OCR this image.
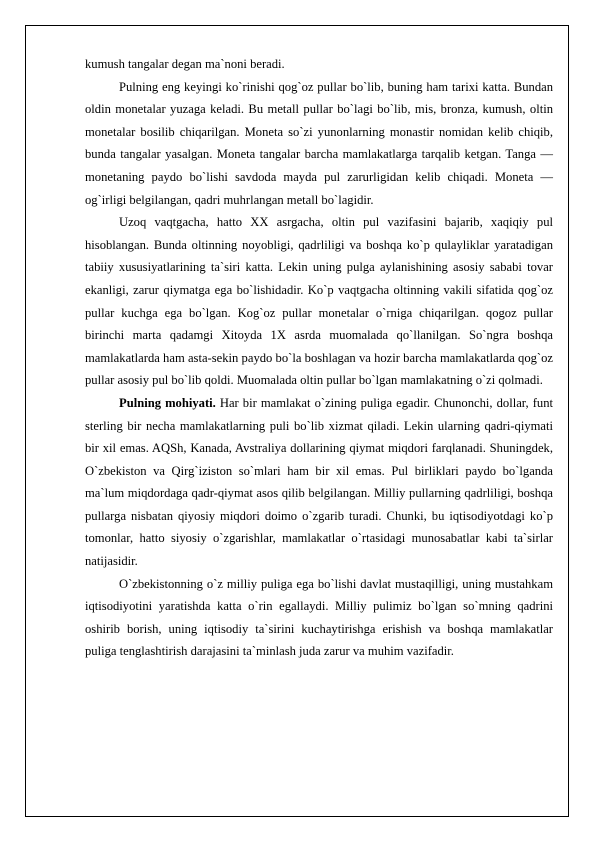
kumush tangalar degan ma`noni beradi.

Pulning eng keyingi ko`rinishi qog`oz pullar bo`lib, buning ham tarixi katta. Bundan oldin monetalar yuzaga keladi. Bu metall pullar bo`lagi bo`lib, mis, bronza, kumush, oltin monetalar bosilib chiqarilgan. Moneta so`zi yunonlarning monastir nomidan kelib chiqib, bunda tangalar yasalgan. Moneta tangalar barcha mamlakatlarga tarqalib ketgan. Tanga — monetaning paydo bo`lishi savdoda mayda pul zarurligidan kelib chiqadi. Moneta — og`irligi belgilangan, qadri muhrlangan metall bo`lagidir.

Uzoq vaqtgacha, hatto XX asrgacha, oltin pul vazifasini bajarib, xaqiqiy pul hisoblangan. Bunda oltinning noyobligi, qadrliligi va boshqa ko`p qulayliklar yaratadigan tabiiy xususiyatlarining ta`siri katta. Lekin uning pulga aylanishining asosiy sababi tovar ekanligi, zarur qiymatga ega bo`lishidadir. Ko`p vaqtgacha oltinning vakili sifatida qog`oz pullar kuchga ega bo`lgan. Kog`oz pullar monetalar o`rniga chiqarilgan. qogoz pullar birinchi marta qadamgi Xitoyda 1X asrda muomalada qo`llanilgan. So`ngra boshqa mamlakatlarda ham asta-sekin paydo bo`la boshlagan va hozir barcha mamlakatlarda qog`oz pullar asosiy pul bo`lib qoldi. Muomalada oltin pullar bo`lgan mamlakatning o`zi qolmadi.

Pulning mohiyati. Har bir mamlakat o`zining puliga egadir. Chunonchi, dollar, funt sterling bir necha mamlakatlarning puli bo`lib xizmat qiladi. Lekin ularning qadri-qiymati bir xil emas. AQSh, Kanada, Avstraliya dollarining qiymat miqdori farqlanadi. Shuningdek, O`zbekiston va Qirg`iziston so`mlari ham bir xil emas. Pul birliklari paydo bo`lganda ma`lum miqdordaga qadr-qiymat asos qilib belgilangan. Milliy pullarning qadrliligi, boshqa pullarga nisbatan qiyosiy miqdori doimo o`zgarib turadi. Chunki, bu iqtisodiyotdagi ko`p tomonlar, hatto siyosiy o`zgarishlar, mamlakatlar o`rtasidagi munosabatlar kabi ta`sirlar natijasidir.

O`zbekistonning o`z milliy puliga ega bo`lishi davlat mustaqilligi, uning mustahkam iqtisodiyotini yaratishda katta o`rin egallaydi. Milliy pulimiz bo`lgan so`mning qadrini oshirib borish, uning iqtisodiy ta`sirini kuchaytirishga erishish va boshqa mamlakatlar puliga tenglashtirish darajasini ta`minlash juda zarur va muhim vazifadir.
